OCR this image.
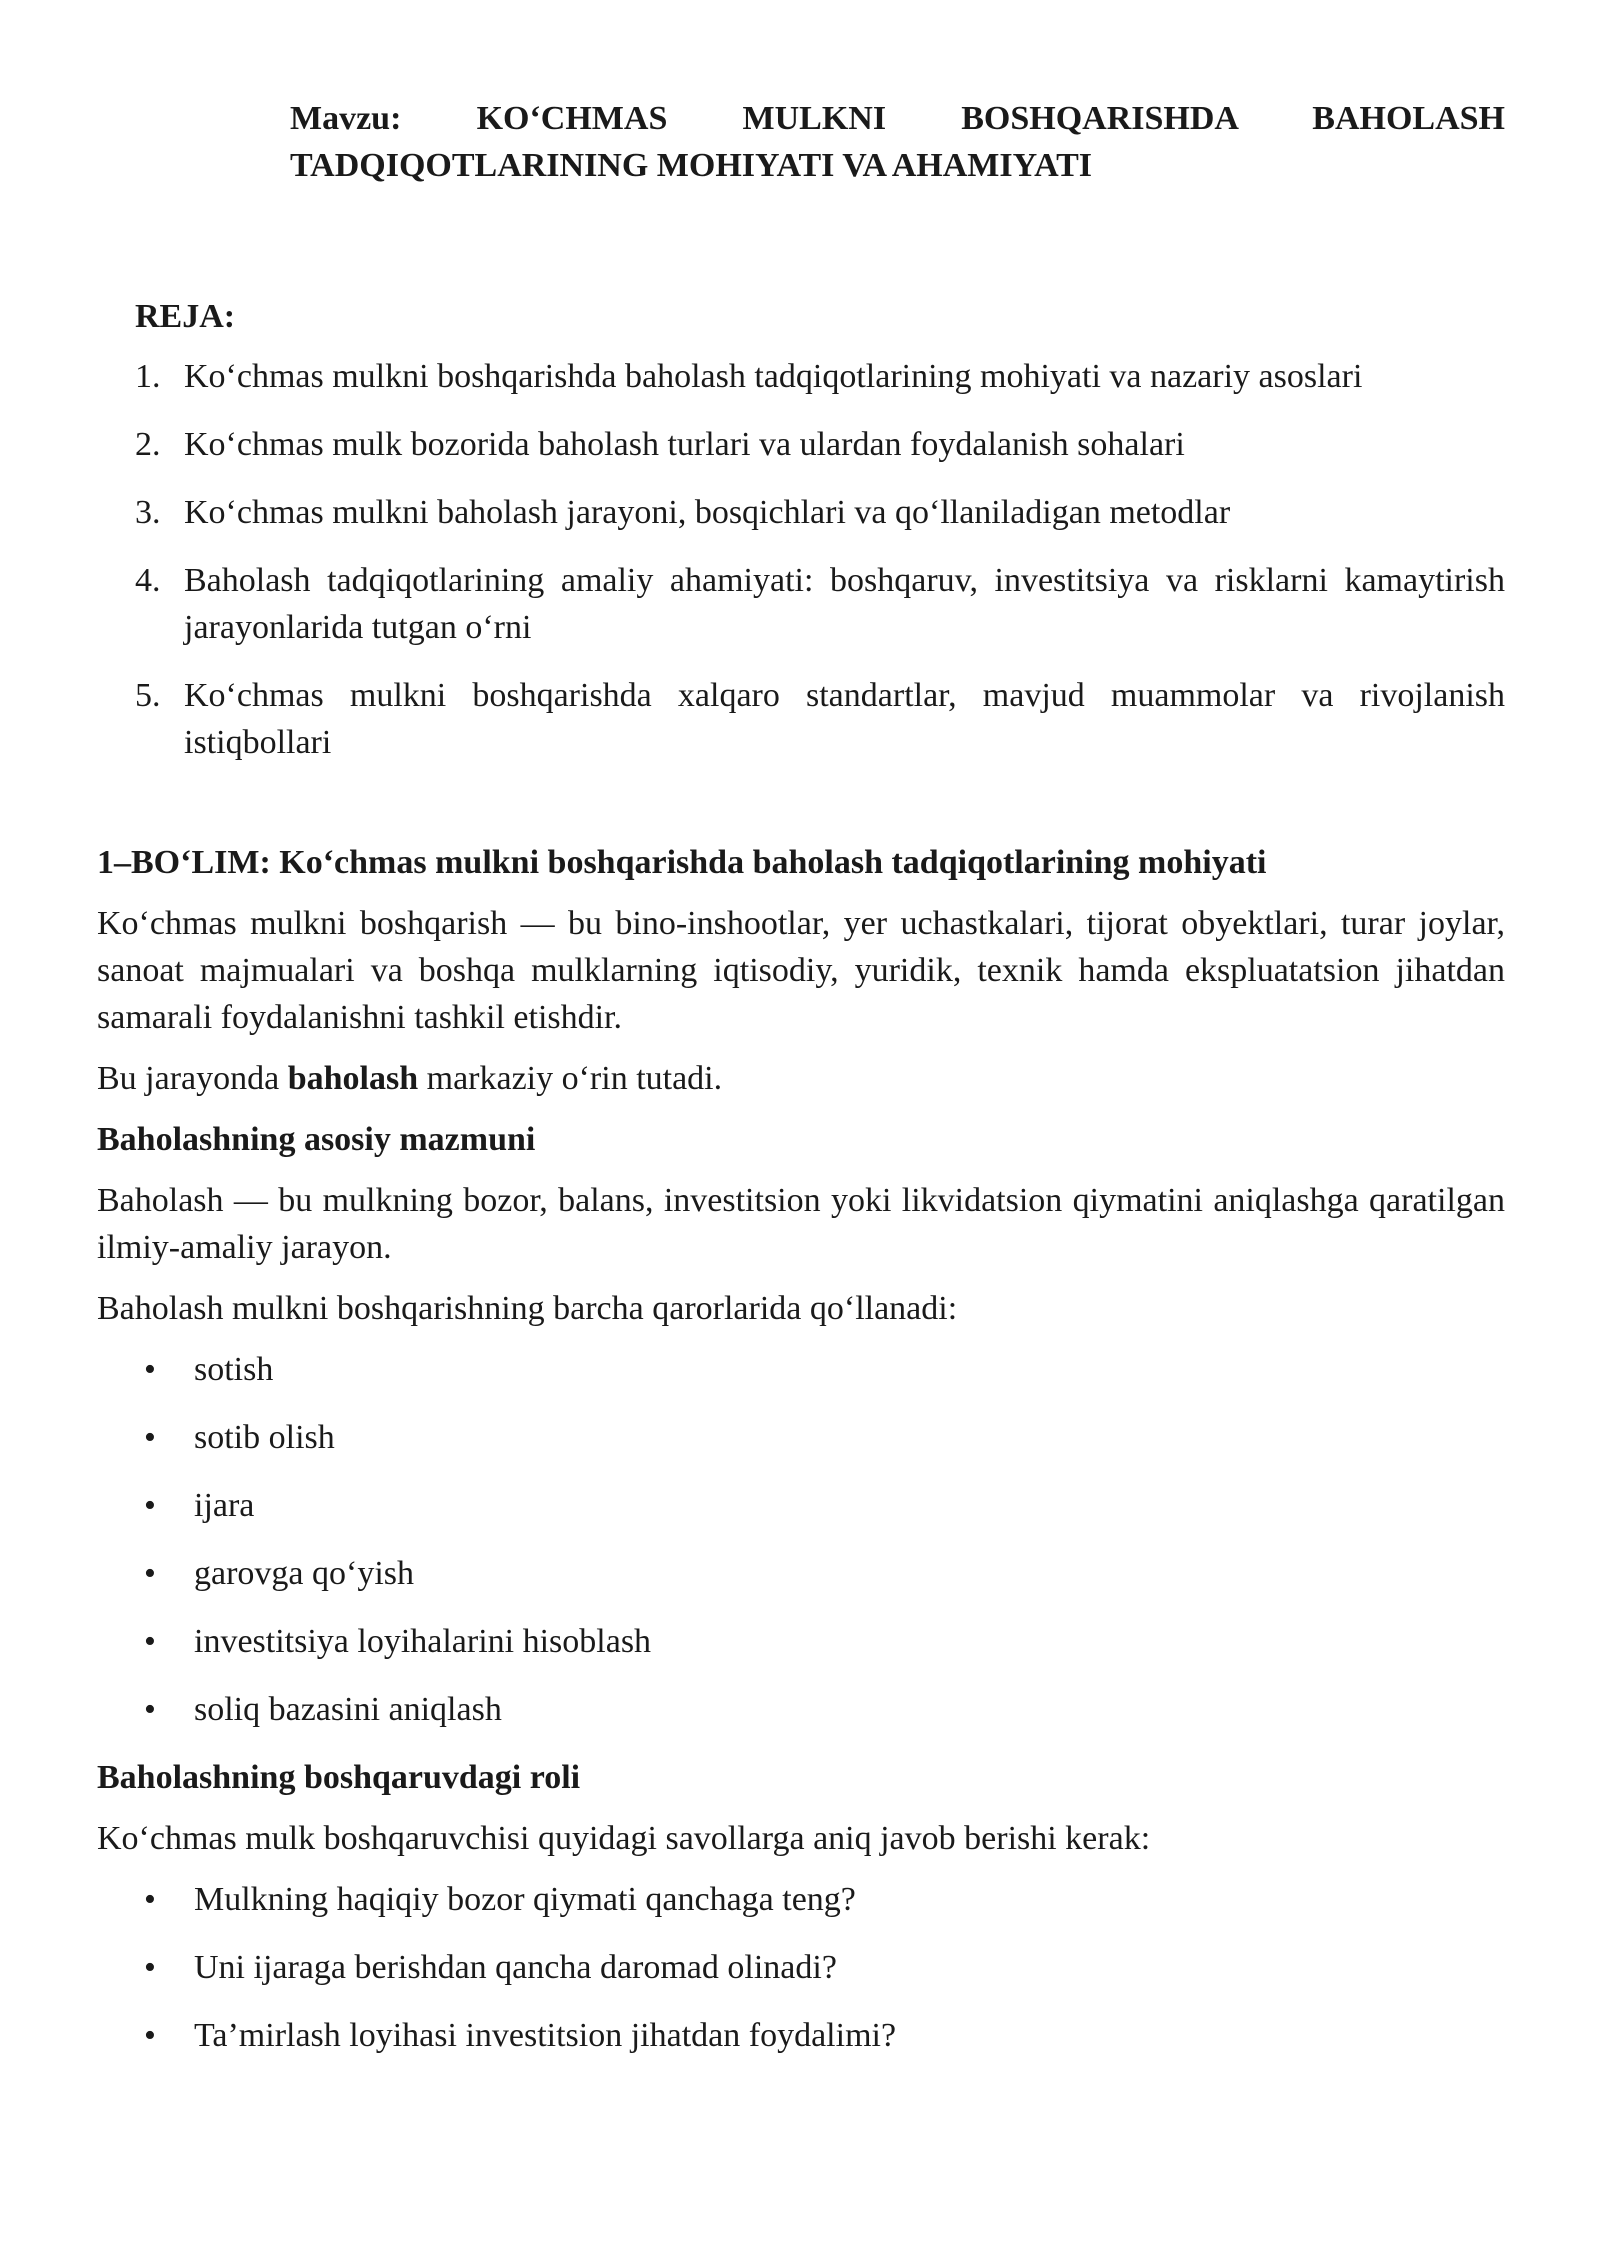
Mavzu: KO‘CHMAS MULKNI BOSHQARISHDA BAHOLASH
TADQIQOTLARINING MOHIYATI VA AHAMIYATI
REJA:
1. Ko‘chmas mulkni boshqarishda baholash tadqiqotlarining mohiyati va nazariy asoslari
2. Ko‘chmas mulk bozorida baholash turlari va ulardan foydalanish sohalari
3. Ko‘chmas mulkni baholash jarayoni, bosqichlari va qo‘llaniladigan metodlar
4. Baholash tadqiqotlarining amaliy ahamiyati: boshqaruv, investitsiya va risklarni kamaytirish jarayonlarida tutgan o‘rni
5. Ko‘chmas mulkni boshqarishda xalqaro standartlar, mavjud muammolar va rivojlanish istiqbollari
1–BO‘LIM: Ko‘chmas mulkni boshqarishda baholash tadqiqotlarining mohiyati

Ko‘chmas mulkni boshqarish — bu bino-inshootlar, yer uchastkalari, tijorat obyektlari, turar joylar, sanoat majmualari va boshqa mulklarning iqtisodiy, yuridik, texnik hamda ekspluatatsion jihatdan samarali foydalanishni tashkil etishdir.

Bu jarayonda baholash markaziy o‘rin tutadi.

Baholashning asosiy mazmuni

Baholash — bu mulkning bozor, balans, investitsion yoki likvidatsion qiymatini aniqlashga qaratilgan ilmiy-amaliy jarayon.

Baholash mulkni boshqarishning barcha qarorlarida qo‘llanadi:

• sotish
• sotib olish
• ijara
• garovga qo‘yish
• investitsiya loyihalarini hisoblash
• soliq bazasini aniqlash
Baholashning boshqaruvdagi roli

Ko‘chmas mulk boshqaruvchisi quyidagi savollarga aniq javob berishi kerak:

• Mulkning haqiqiy bozor qiymati qanchaga teng?
• Uni ijaraga berishdan qancha daromad olinadi?
• Ta’mirlash loyihasi investitsion jihatdan foydalimi?
